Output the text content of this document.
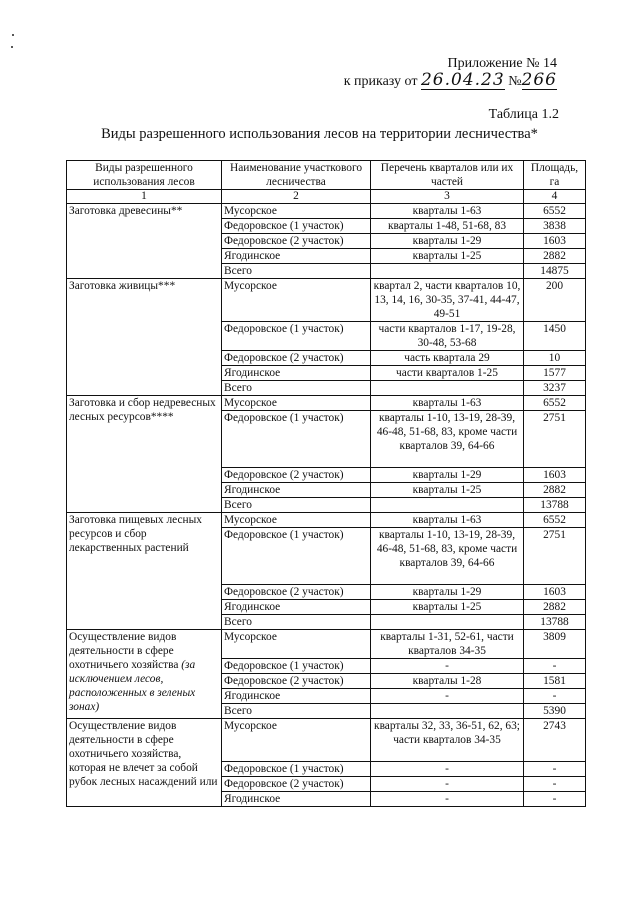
Приложение № 14
к приказу от 26.04.23 №266
Таблица 1.2
Виды разрешенного использования лесов на территории лесничества*
Виды разрешенного использования лесов	Наименование участкового лесничества	Перечень кварталов или их частей	Площадь, га
1	2	3	4
Заготовка древесины**	Мусорское	кварталы 1-63	6552
	Федоровское (1 участок)	кварталы 1-48, 51-68, 83	3838
	Федоровское (2 участок)	кварталы 1-29	1603
	Ягодинское	кварталы 1-25	2882
	Всего		14875
Заготовка живицы***	Мусорское	квартал 2, части кварталов 10, 13, 14, 16, 30-35, 37-41, 44-47, 49-51	200
	Федоровское (1 участок)	части кварталов 1-17, 19-28, 30-48, 53-68	1450
	Федоровское (2 участок)	часть квартала 29	10
	Ягодинское	части кварталов 1-25	1577
	Всего		3237
Заготовка и сбор недревесных лесных ресурсов****	Мусорское	кварталы 1-63	6552
	Федоровское (1 участок)	кварталы 1-10, 13-19, 28-39, 46-48, 51-68, 83, кроме части кварталов 39, 64-66	2751
	Федоровское (2 участок)	кварталы 1-29	1603
	Ягодинское	кварталы 1-25	2882
	Всего		13788
Заготовка пищевых лесных ресурсов и сбор лекарственных растений	Мусорское	кварталы 1-63	6552
	Федоровское (1 участок)	кварталы 1-10, 13-19, 28-39, 46-48, 51-68, 83, кроме части кварталов 39, 64-66	2751
	Федоровское (2 участок)	кварталы 1-29	1603
	Ягодинское	кварталы 1-25	2882
	Всего		13788
Осуществление видов деятельности в сфере охотничьего хозяйства (за исключением лесов, расположенных в зеленых зонах)	Мусорское	кварталы 1-31, 52-61, части кварталов 34-35	3809
	Федоровское (1 участок)	-	-
	Федоровское (2 участок)	кварталы 1-28	1581
	Ягодинское	-	-
	Всего		5390
Осуществление видов деятельности в сфере охотничьего хозяйства, которая не влечет за собой рубок лесных насаждений или	Мусорское	кварталы 32, 33, 36-51, 62, 63; части кварталов 34-35	2743
	Федоровское (1 участок)	-	-
	Федоровское (2 участок)	-	-
	Ягодинское	-	-
